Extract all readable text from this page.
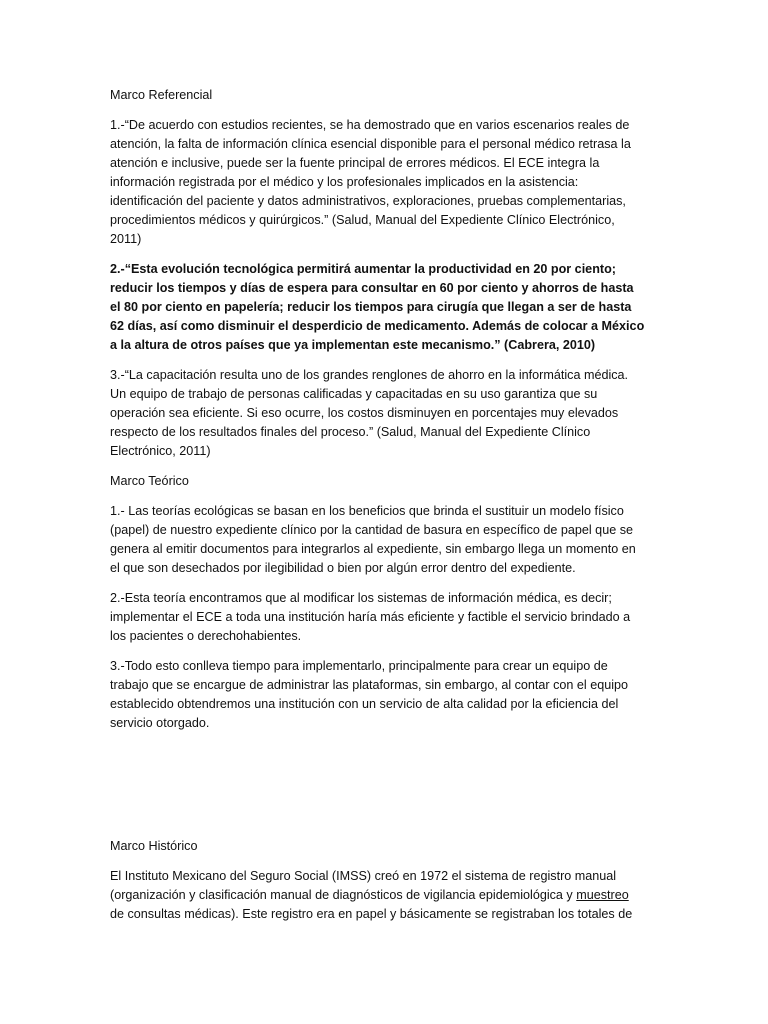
Marco Referencial

1.-“De acuerdo con estudios recientes, se ha demostrado que en varios escenarios reales de atención, la falta de información clínica esencial disponible para el personal médico retrasa la atención e inclusive, puede ser la fuente principal de errores médicos. El ECE integra la información registrada por el médico y los profesionales implicados en la asistencia: identificación del paciente y datos administrativos, exploraciones, pruebas complementarias, procedimientos médicos y quirúrgicos.” (Salud, Manual del Expediente Clínico Electrónico, 2011)

2.-“Esta evolución tecnológica permitirá aumentar la productividad en 20 por ciento; reducir los tiempos y días de espera para consultar en 60 por ciento y ahorros de hasta el 80 por ciento en papelería; reducir los tiempos para cirugía que llegan a ser de hasta 62 días, así como disminuir el desperdicio de medicamento. Además de colocar a México a la altura de otros países que ya implementan este mecanismo.” (Cabrera, 2010)

3.-“La capacitación resulta uno de los grandes renglones de ahorro en la informática médica. Un equipo de trabajo de personas calificadas y capacitadas en su uso garantiza que su operación sea eficiente. Si eso ocurre, los costos disminuyen en porcentajes muy elevados respecto de los resultados finales del proceso.” (Salud, Manual del Expediente Clínico Electrónico, 2011)

Marco Teórico

1.- Las teorías ecológicas se basan en los beneficios que brinda el sustituir un modelo físico (papel) de nuestro expediente clínico por la cantidad de basura en específico de papel que se genera al emitir documentos para integrarlos al expediente, sin embargo llega un momento en el que son desechados por ilegibilidad o bien por algún error dentro del expediente.

2.-Esta teoría encontramos que al modificar los sistemas de información médica, es decir; implementar el ECE a toda una institución haría más eficiente y factible el servicio brindado a los pacientes o derechohabientes.

3.-Todo esto conlleva tiempo para implementarlo, principalmente para crear un equipo de trabajo que se encargue de administrar las plataformas, sin embargo, al contar con el equipo establecido obtendremos una institución con un servicio de alta calidad por la eficiencia del servicio otorgado.

Marco Histórico

El Instituto Mexicano del Seguro Social (IMSS) creó en 1972 el sistema de registro manual (organización y clasificación manual de diagnósticos de vigilancia epidemiológica y muestreo de consultas médicas). Este registro era en papel y básicamente se registraban los totales de
